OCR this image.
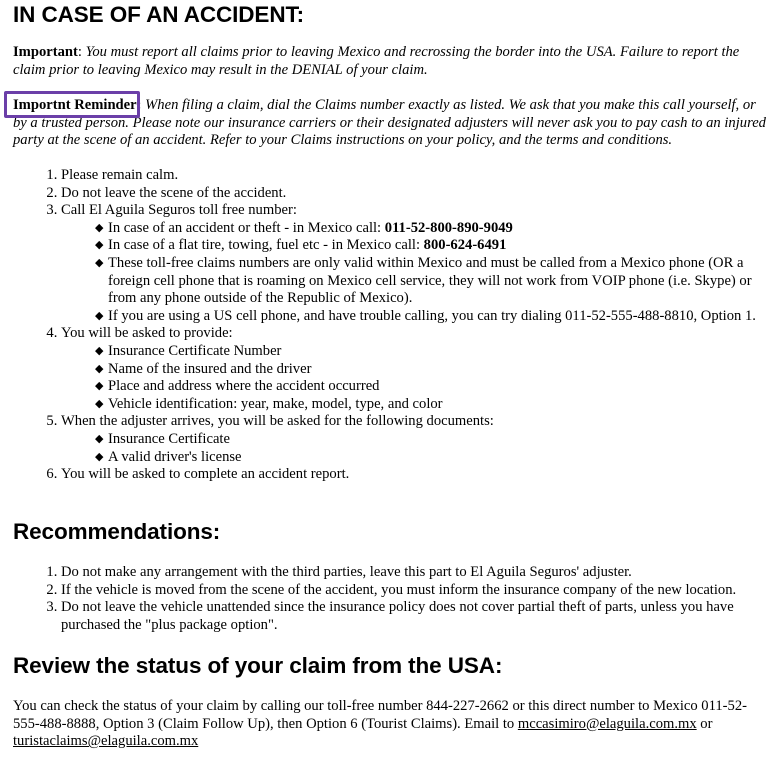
IN CASE OF AN ACCIDENT:

Important: You must report all claims prior to leaving Mexico and recrossing the border into the USA. Failure to report the claim prior to leaving Mexico may result in the DENIAL of your claim.

Importnt Reminder: When filing a claim, dial the Claims number exactly as listed. We ask that you make this call yourself, or by a trusted person. Please note our insurance carriers or their designated adjusters will never ask you to pay cash to an injured party at the scene of an accident. Refer to your Claims instructions on your policy, and the terms and conditions.

1. Please remain calm.
2. Do not leave the scene of the accident.
3. Call El Aguila Seguros toll free number:
◆ In case of an accident or theft - in Mexico call: 011-52-800-890-9049
◆ In case of a flat tire, towing, fuel etc - in Mexico call: 800-624-6491
◆ These toll-free claims numbers are only valid within Mexico and must be called from a Mexico phone (OR a foreign cell phone that is roaming on Mexico cell service, they will not work from VOIP phone (i.e. Skype) or from any phone outside of the Republic of Mexico).
◆ If you are using a US cell phone, and have trouble calling, you can try dialing 011-52-555-488-8810, Option 1.
4. You will be asked to provide:
◆ Insurance Certificate Number
◆ Name of the insured and the driver
◆ Place and address where the accident occurred
◆ Vehicle identification: year, make, model, type, and color
5. When the adjuster arrives, you will be asked for the following documents:
◆ Insurance Certificate
◆ A valid driver's license
6. You will be asked to complete an accident report.
Recommendations:
1. Do not make any arrangement with the third parties, leave this part to El Aguila Seguros' adjuster.
2. If the vehicle is moved from the scene of the accident, you must inform the insurance company of the new location.
3. Do not leave the vehicle unattended since the insurance policy does not cover partial theft of parts, unless you have purchased the "plus package option".
Review the status of your claim from the USA:

You can check the status of your claim by calling our toll-free number 844-227-2662 or this direct number to Mexico 011-52-555-488-8888, Option 3 (Claim Follow Up), then Option 6 (Tourist Claims). Email to mccasimiro@elaguila.com.mx or turistaclaims@elaguila.com.mx
